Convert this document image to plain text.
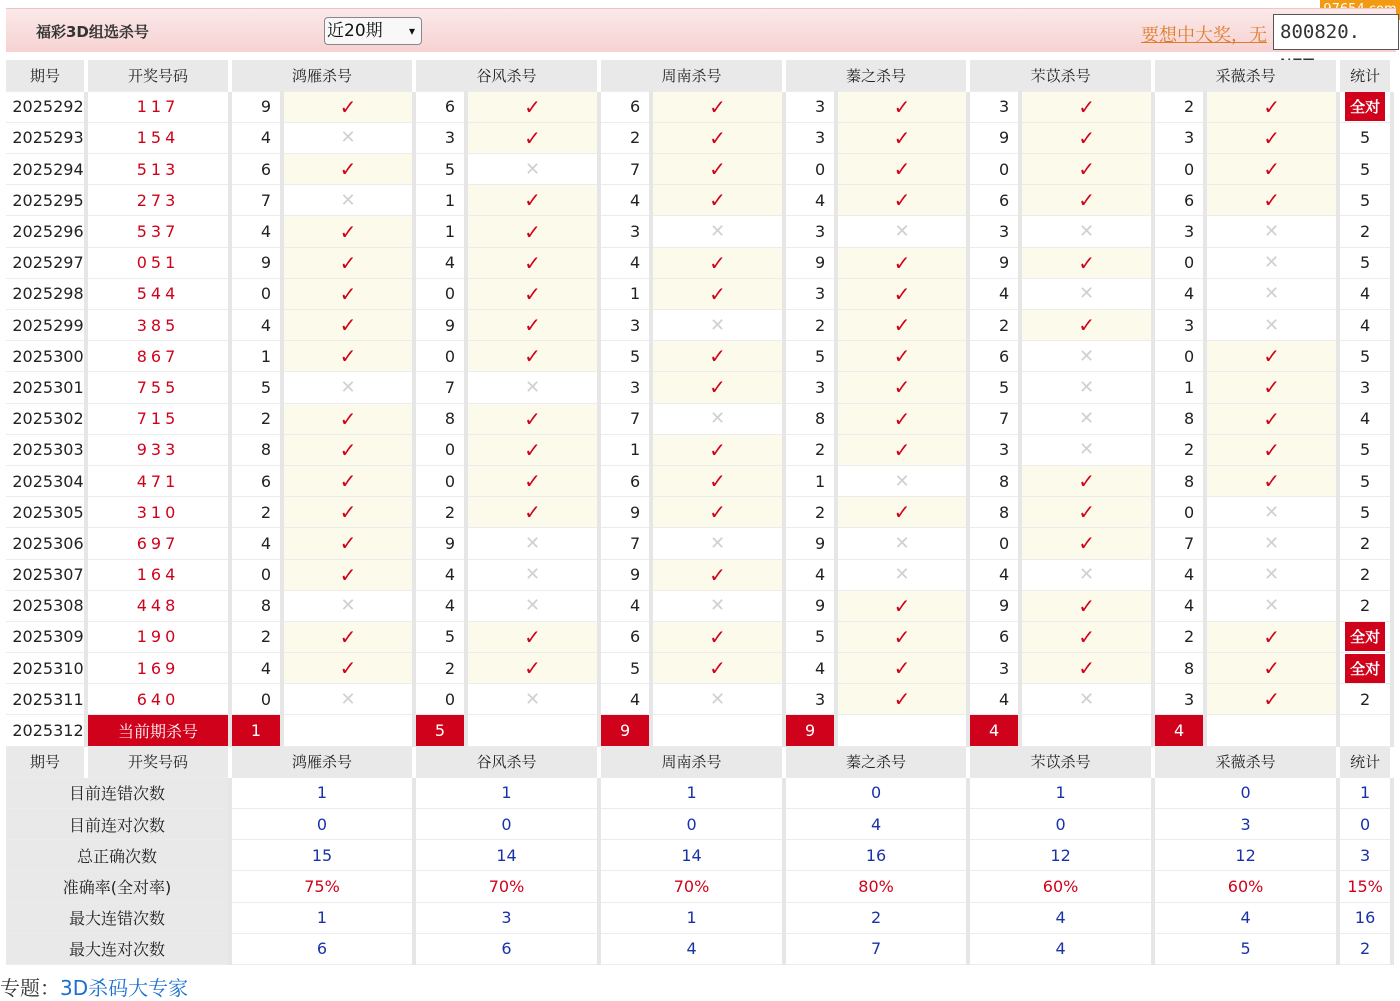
福彩3D组选杀号	近20期 ▾	要想中大奖，无 800820.
期号	开奖号码	鸿雁杀号		谷风杀号		周南杀号		蓁之杀号		芣苡杀号		采薇杀号		统计
2025292	117	9	✓	6	✓	6	✓	3	✓	3	✓	2	✓	全对
2025293	154	4	✕	3	✓	2	✓	3	✓	9	✓	3	✓	5
2025294	513	6	✓	5	✕	7	✓	0	✓	0	✓	0	✓	5
2025295	273	7	✕	1	✓	4	✓	4	✓	6	✓	6	✓	5
2025296	537	4	✓	1	✓	3	✕	3	✕	3	✕	3	✕	2
2025297	051	9	✓	4	✓	4	✓	9	✓	9	✓	0	✕	5
2025298	544	0	✓	0	✓	1	✓	3	✓	4	✕	4	✕	4
2025299	385	4	✓	9	✓	3	✕	2	✓	2	✓	3	✕	4
2025300	867	1	✓	0	✓	5	✓	5	✓	6	✕	0	✓	5
2025301	755	5	✕	7	✕	3	✓	3	✓	5	✕	1	✓	3
2025302	715	2	✓	8	✓	7	✕	8	✓	7	✕	8	✓	4
2025303	933	8	✓	0	✓	1	✓	2	✓	3	✕	2	✓	5
2025304	471	6	✓	0	✓	6	✓	1	✕	8	✓	8	✓	5
2025305	310	2	✓	2	✓	9	✓	2	✓	8	✓	0	✕	5
2025306	697	4	✓	9	✕	7	✕	9	✕	0	✓	7	✕	2
2025307	164	0	✓	4	✕	9	✓	4	✕	4	✕	4	✕	2
2025308	448	8	✕	4	✕	4	✕	9	✓	9	✓	4	✕	2
2025309	190	2	✓	5	✓	6	✓	5	✓	6	✓	2	✓	全对
2025310	169	4	✓	2	✓	5	✓	4	✓	3	✓	8	✓	全对
2025311	640	0	✕	0	✕	4	✕	3	✓	4	✕	3	✓	2
2025312	当前期杀号	1		5		9		9		4		4		
期号	开奖号码	鸿雁杀号		谷风杀号		周南杀号		蓁之杀号		芣苡杀号		采薇杀号		统计
目前连错次数		1		1		1		0		1		0		1
目前连对次数		0		0		0		4		0		3		0
总正确次数		15		14		14		16		12		12		3
准确率(全对率)		75%		70%		70%		80%		60%		60%		15%
最大连错次数		1		3		1		2		4		4		16
最大连对次数		6		6		4		7		4		5		2
专题：3D杀码大专家
